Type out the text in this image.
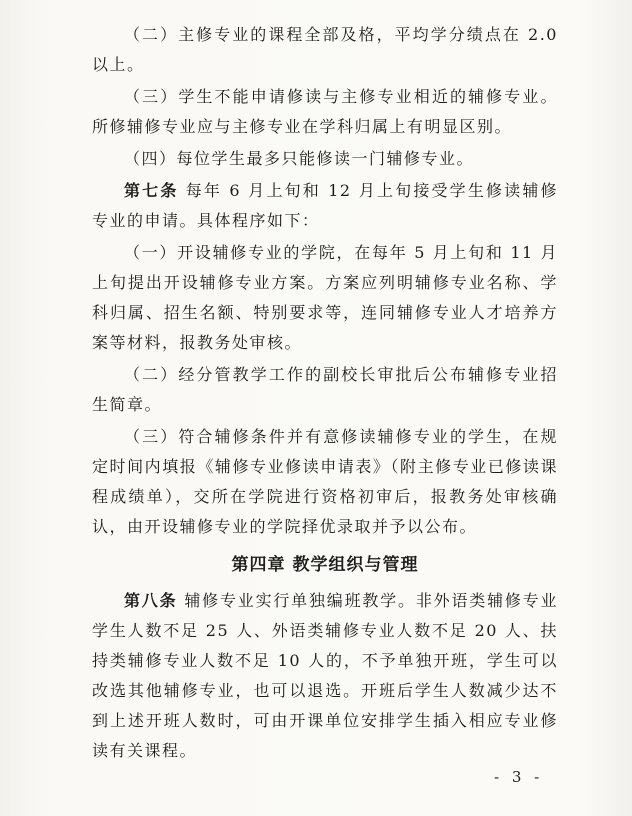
（二）主修专业的课程全部及格，平均学分绩点在 2.0 以上。

（三）学生不能申请修读与主修专业相近的辅修专业。所修辅修专业应与主修专业在学科归属上有明显区别。

（四）每位学生最多只能修读一门辅修专业。

第七条 每年 6 月上旬和 12 月上旬接受学生修读辅修专业的申请。具体程序如下：

（一）开设辅修专业的学院，在每年 5 月上旬和 11 月上旬提出开设辅修专业方案。方案应列明辅修专业名称、学科归属、招生名额、特别要求等，连同辅修专业人才培养方案等材料，报教务处审核。

（二）经分管教学工作的副校长审批后公布辅修专业招生简章。

（三）符合辅修条件并有意修读辅修专业的学生，在规定时间内填报《辅修专业修读申请表》（附主修专业已修读课程成绩单），交所在学院进行资格初审后，报教务处审核确认，由开设辅修专业的学院择优录取并予以公布。

第四章 教学组织与管理

第八条 辅修专业实行单独编班教学。非外语类辅修专业学生人数不足 25 人、外语类辅修专业人数不足 20 人、扶持类辅修专业人数不足 10 人的，不予单独开班，学生可以改选其他辅修专业，也可以退选。开班后学生人数减少达不到上述开班人数时，可由开课单位安排学生插入相应专业修读有关课程。

- 3 -
